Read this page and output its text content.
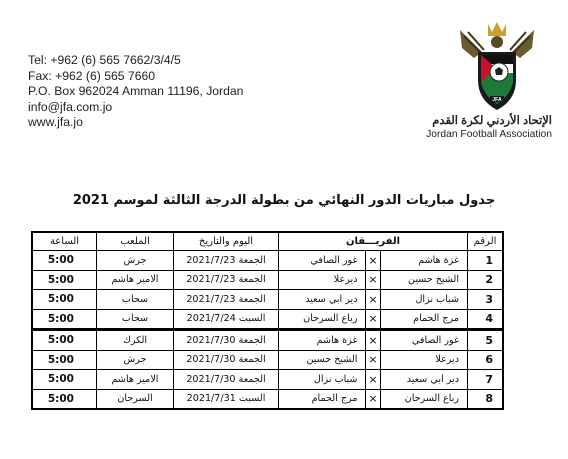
Tel: +962 (6) 565 7662/3/4/5
Fax: +962 (6) 565 7660
P.O. Box 962024 Amman 11196, Jordan
info@jfa.com.jo
www.jfa.jo
JFA
الإتحاد الأردني لكرة القدم
Jordan Football Association
جدول مباريات الدور النهائي من بطولة الدرجة الثالثة لموسم 2021
الرقم	الفريـــقان			اليوم والتاريخ	الملعب	الساعة
1	غزة هاشم	×	غور الصافي	الجمعة 2021/7/23	جرش	5:00
2	الشيخ حسين	×	ديرعلا	الجمعة 2021/7/23	الامير هاشم	5:00
3	شباب نزال	×	دير ابي سعيد	الجمعة 2021/7/23	سحاب	5:00
4	مرج الحمام	×	رباع السرحان	السبت 2021/7/24	سحاب	5:00
5	غور الصافي	×	غزة هاشم	الجمعة 2021/7/30	الكرك	5:00
6	ديرعلا	×	الشيخ حسين	الجمعة 2021/7/30	جرش	5:00
7	دير ابي سعيد	×	شباب نزال	الجمعة 2021/7/30	الامير هاشم	5:00
8	رباع السرحان	×	مرج الحمام	السبت 2021/7/31	السرحان	5:00
